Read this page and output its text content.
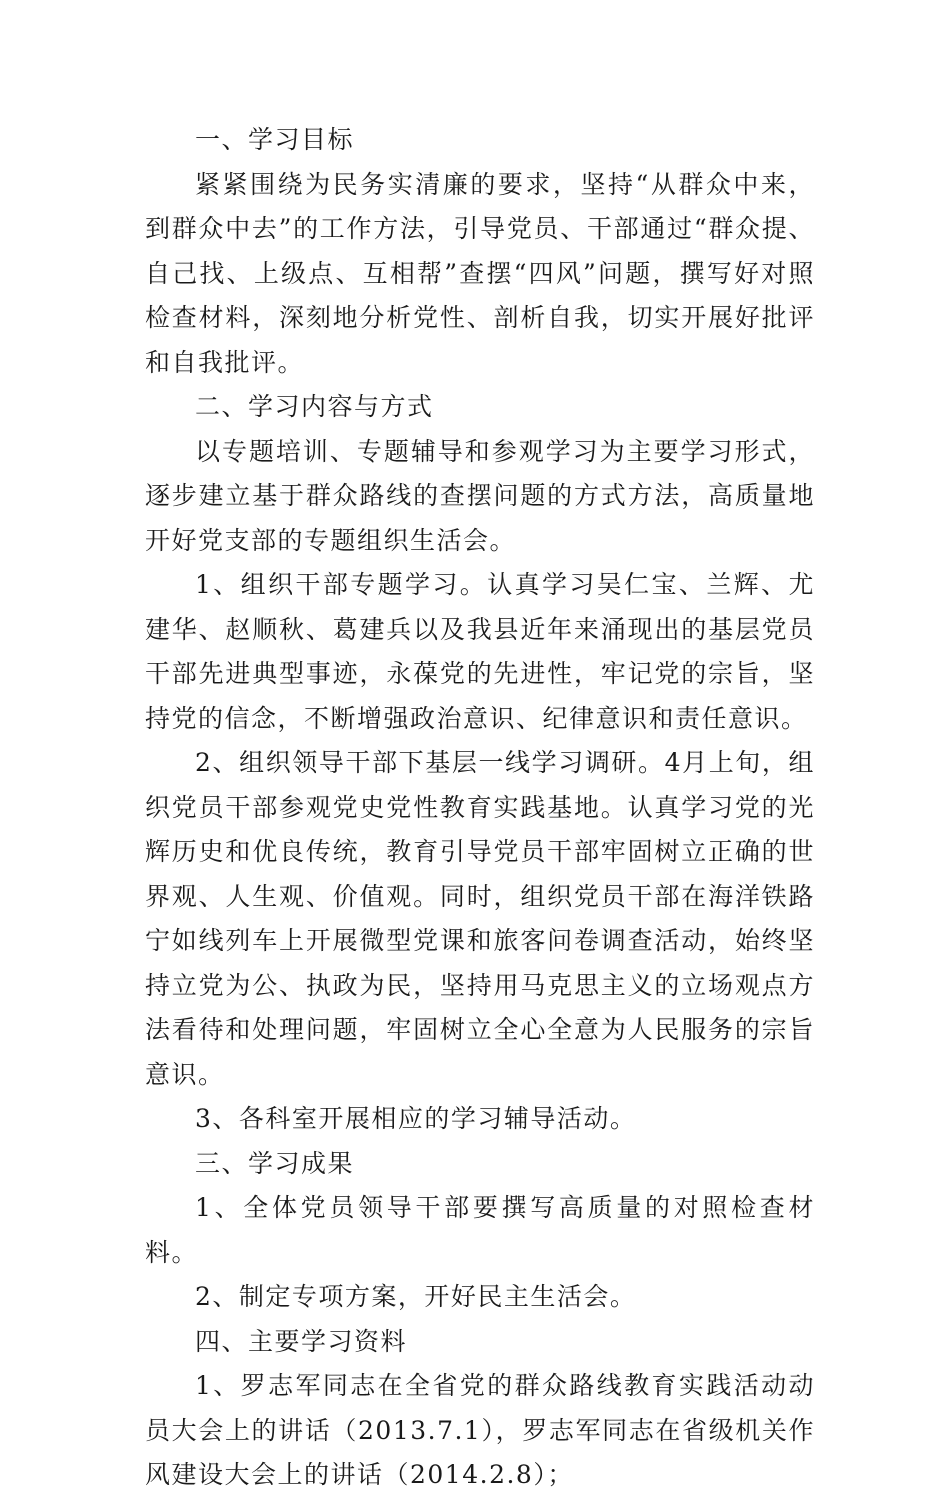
一、学习目标

紧紧围绕为民务实清廉的要求，坚持“从群众中来，到群众中去”的工作方法，引导党员、干部通过“群众提、自己找、上级点、互相帮”查摆“四风”问题，撰写好对照检查材料，深刻地分析党性、剖析自我，切实开展好批评和自我批评。

二、学习内容与方式

以专题培训、专题辅导和参观学习为主要学习形式，逐步建立基于群众路线的查摆问题的方式方法，高质量地开好党支部的专题组织生活会。

1、组织干部专题学习。认真学习吴仁宝、兰辉、尤建华、赵顺秋、葛建兵以及我县近年来涌现出的基层党员干部先进典型事迹，永葆党的先进性，牢记党的宗旨，坚持党的信念，不断增强政治意识、纪律意识和责任意识。

2、组织领导干部下基层一线学习调研。4月上旬，组织党员干部参观党史党性教育实践基地。认真学习党的光辉历史和优良传统，教育引导党员干部牢固树立正确的世界观、人生观、价值观。同时，组织党员干部在海洋铁路宁如线列车上开展微型党课和旅客问卷调查活动，始终坚持立党为公、执政为民，坚持用马克思主义的立场观点方法看待和处理问题，牢固树立全心全意为人民服务的宗旨意识。

3、各科室开展相应的学习辅导活动。

三、学习成果

1、全体党员领导干部要撰写高质量的对照检查材料。

2、制定专项方案，开好民主生活会。

四、主要学习资料

1、罗志军同志在全省党的群众路线教育实践活动动员大会上的讲话（2013.7.1），罗志军同志在省级机关作风建设大会上的讲话（2014.2.8）；
